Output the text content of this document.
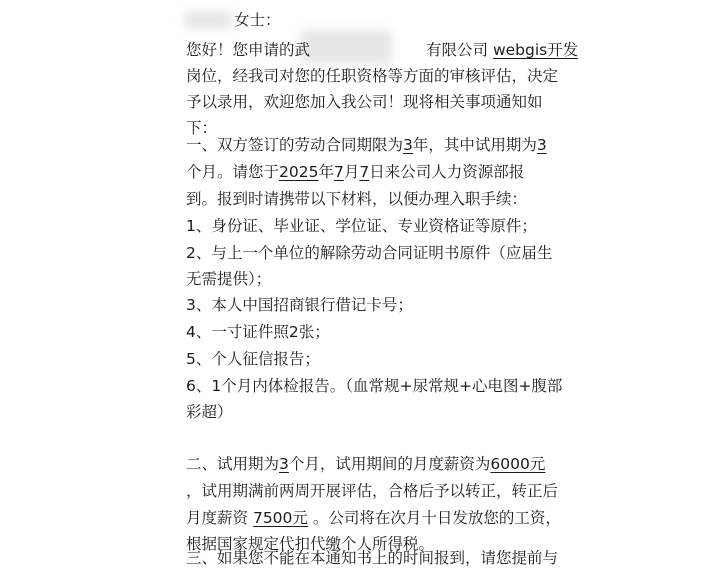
女士：
您好！您申请的武	有限公司 webgis开发
岗位，经我司对您的任职资格等方面的审核评估，决定
予以录用，欢迎您加入我公司！现将相关事项通知如
下：
一、双方签订的劳动合同期限为3年，其中试用期为3
个月。请您于2025年7月7日来公司人力资源部报
到。报到时请携带以下材料，以便办理入职手续：
1、身份证、毕业证、学位证、专业资格证等原件；
2、与上一个单位的解除劳动合同证明书原件（应届生
无需提供）；
3、本人中国招商银行借记卡号；
4、一寸证件照2张；
5、个人征信报告；
6、1个月内体检报告。（血常规+尿常规+心电图+腹部
彩超）
二、试用期为3个月，试用期间的月度薪资为6000元
，试用期满前两周开展评估，合格后予以转正，转正后
月度薪资 7500元 。公司将在次月十日发放您的工资，
根据国家规定代扣代缴个人所得税。
三、如果您不能在本通知书上的时间报到，请您提前与
